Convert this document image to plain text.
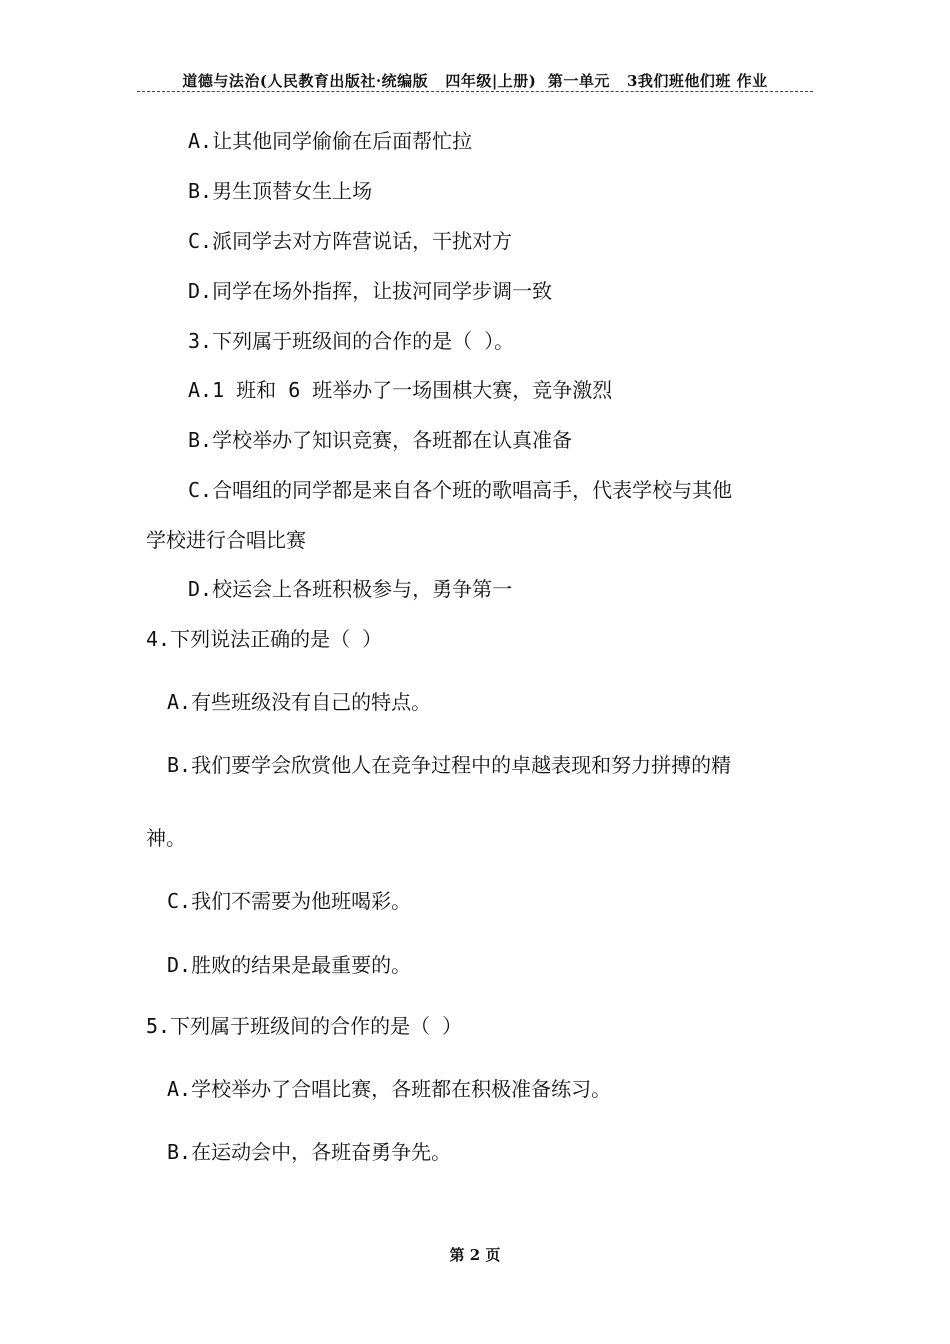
道德与法治(人民教育出版社·统编版   四年级|上册)  第一单元   3我们班他们班 作业
A.让其他同学偷偷在后面帮忙拉
B.男生顶替女生上场
C.派同学去对方阵营说话，干扰对方
D.同学在场外指挥，让拔河同学步调一致
3.下列属于班级间的合作的是（ ）。
A.1 班和 6 班举办了一场围棋大赛，竞争激烈
B.学校举办了知识竞赛，各班都在认真准备
C.合唱组的同学都是来自各个班的歌唱高手，代表学校与其他
学校进行合唱比赛
D.校运会上各班积极参与，勇争第一
4.下列说法正确的是（ ）
A.有些班级没有自己的特点。
B.我们要学会欣赏他人在竞争过程中的卓越表现和努力拼搏的精
神。
C.我们不需要为他班喝彩。
D.胜败的结果是最重要的。
5.下列属于班级间的合作的是（ ）
A.学校举办了合唱比赛，各班都在积极准备练习。
B.在运动会中，各班奋勇争先。
第 2 页
